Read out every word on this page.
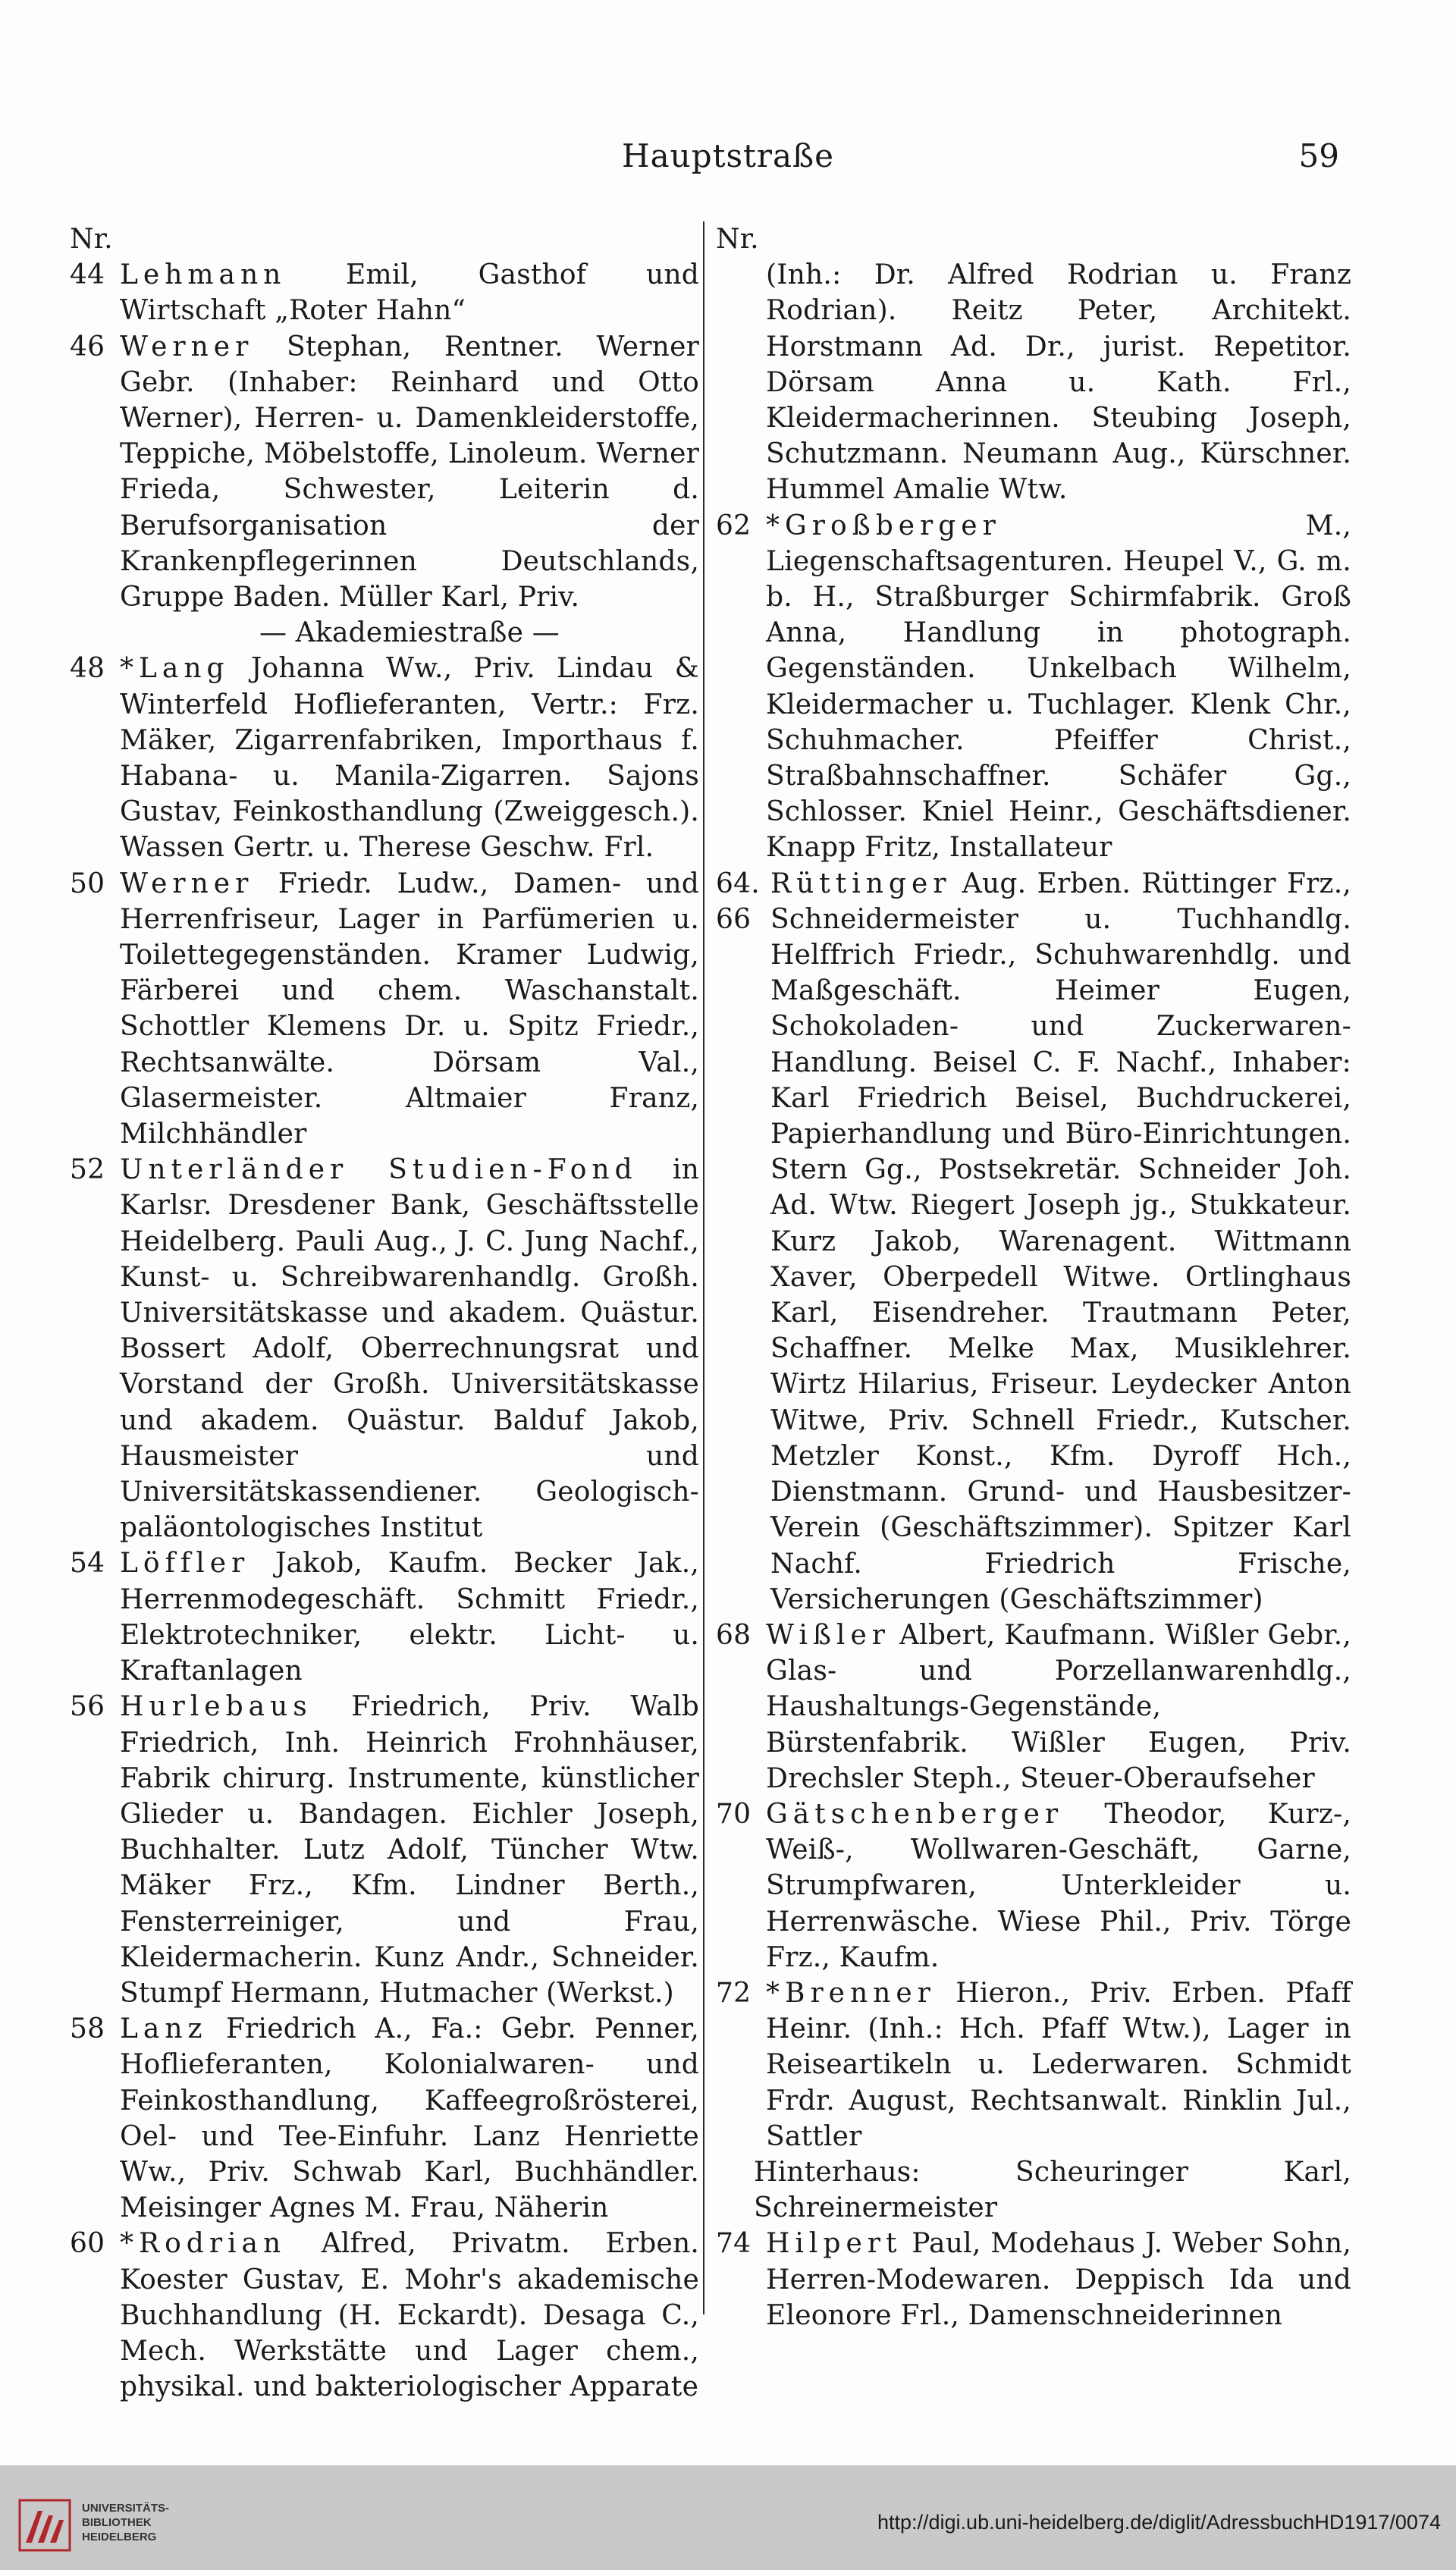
Hauptstraße	59

Nr.

44 Lehmann Emil, Gasthof und Wirtschaft „Roter Hahn“

46 Werner Stephan, Rentner. Werner Gebr. (Inhaber: Reinhard und Otto Werner), Herren- u. Damenkleiderstoffe, Teppiche, Möbelstoffe, Linoleum. Werner Frieda, Schwester, Leiterin d. Berufsorganisation der Krankenpflegerinnen Deutschlands, Gruppe Baden. Müller Karl, Priv.

— Akademiestraße —

48 *Lang Johanna Ww., Priv. Lindau & Winterfeld Hoflieferanten, Vertr.: Frz. Mäker, Zigarrenfabriken, Importhaus f. Habana- u. Manila-Zigarren. Sajons Gustav, Feinkosthandlung (Zweiggesch.). Wassen Gertr. u. Therese Geschw. Frl.

50 Werner Friedr. Ludw., Damen- und Herrenfriseur, Lager in Parfümerien u. Toilettegegenständen. Kramer Ludwig, Färberei und chem. Waschanstalt. Schottler Klemens Dr. u. Spitz Friedr., Rechtsanwälte. Dörsam Val., Glasermeister. Altmaier Franz, Milchhändler

52 Unterländer Studien-Fond in Karlsr. Dresdener Bank, Geschäftsstelle Heidelberg. Pauli Aug., J. C. Jung Nachf., Kunst- u. Schreibwarenhandlg. Großh. Universitätskasse und akadem. Quästur. Bossert Adolf, Oberrechnungsrat und Vorstand der Großh. Universitätskasse und akadem. Quästur. Balduf Jakob, Hausmeister und Universitätskassendiener. Geologisch-paläontologisches Institut

54 Löffler Jakob, Kaufm. Becker Jak., Herrenmodegeschäft. Schmitt Friedr., Elektrotechniker, elektr. Licht- u. Kraftanlagen

56 Hurlebaus Friedrich, Priv. Walb Friedrich, Inh. Heinrich Frohnhäuser, Fabrik chirurg. Instrumente, künstlicher Glieder u. Bandagen. Eichler Joseph, Buchhalter. Lutz Adolf, Tüncher Wtw. Mäker Frz., Kfm. Lindner Berth., Fensterreiniger, und Frau, Kleidermacherin. Kunz Andr., Schneider. Stumpf Hermann, Hutmacher (Werkst.)

58 Lanz Friedrich A., Fa.: Gebr. Penner, Hoflieferanten, Kolonialwaren- und Feinkosthandlung, Kaffeegroßrösterei, Oel- und Tee-Einfuhr. Lanz Henriette Ww., Priv. Schwab Karl, Buchhändler. Meisinger Agnes M. Frau, Näherin

60 *Rodrian Alfred, Privatm. Erben. Koester Gustav, E. Mohr's akademische Buchhandlung (H. Eckardt). Desaga C., Mech. Werkstätte und Lager chem., physikal. und bakteriologischer Apparate

Nr.

(Inh.: Dr. Alfred Rodrian u. Franz Rodrian). Reitz Peter, Architekt. Horstmann Ad. Dr., jurist. Repetitor. Dörsam Anna u. Kath. Frl., Kleidermacherinnen. Steubing Joseph, Schutzmann. Neumann Aug., Kürschner. Hummel Amalie Wtw.

62 *Großberger	M., Liegenschaftsagenturen. Heupel V., G. m. b. H., Straßburger Schirmfabrik. Groß Anna, Handlung in photograph. Gegenständen. Unkelbach Wilhelm, Kleidermacher u. Tuchlager. Klenk Chr., Schuhmacher. Pfeiffer Christ., Straßbahnschaffner. Schäfer Gg., Schlosser. Kniel Heinr., Geschäftsdiener. Knapp Fritz, Installateur

64. 66
Rüttinger Aug. Erben. Rüttinger Frz., Schneidermeister u. Tuchhandlg. Helffrich Friedr., Schuhwarenhdlg. und Maßgeschäft. Heimer Eugen, Schokoladen- und Zuckerwaren-Handlung. Beisel C. F. Nachf., Inhaber: Karl Friedrich Beisel, Buchdruckerei, Papierhandlung und Büro-Einrichtungen. Stern Gg., Postsekretär. Schneider Joh. Ad. Wtw. Riegert Joseph jg., Stukkateur. Kurz Jakob, Warenagent. Wittmann Xaver, Oberpedell Witwe. Ortlinghaus Karl, Eisendreher. Trautmann Peter, Schaffner. Melke Max, Musiklehrer. Wirtz Hilarius, Friseur. Leydecker Anton Witwe, Priv. Schnell Friedr., Kutscher. Metzler Konst., Kfm. Dyroff Hch., Dienstmann. Grund- und Hausbesitzer-Verein (Geschäftszimmer). Spitzer Karl Nachf. Friedrich Frische, Versicherungen (Geschäftszimmer)

68 Wißler Albert, Kaufmann. Wißler Gebr., Glas- und Porzellanwarenhdlg., Haushaltungs-Gegenstände, Bürstenfabrik. Wißler Eugen, Priv. Drechsler Steph., Steuer-Oberaufseher

70 Gätschenberger Theodor, Kurz-, Weiß-, Wollwaren-Geschäft, Garne, Strumpfwaren, Unterkleider u. Herrenwäsche. Wiese Phil., Priv. Törge Frz., Kaufm.

72 *Brenner Hieron., Priv. Erben. Pfaff Heinr. (Inh.: Hch. Pfaff Wtw.), Lager in Reiseartikeln u. Lederwaren. Schmidt Frdr. August, Rechtsanwalt. Rinklin Jul., Sattler

Hinterhaus: Scheuringer Karl, Schreinermeister

74 Hilpert Paul, Modehaus J. Weber Sohn, Herren-Modewaren. Deppisch Ida und Eleonore Frl., Damenschneiderinnen

UNIVERSITÄTS-
BIBLIOTHEK
HEIDELBERG
http://digi.ub.uni-heidelberg.de/diglit/AdressbuchHD1917/0074
